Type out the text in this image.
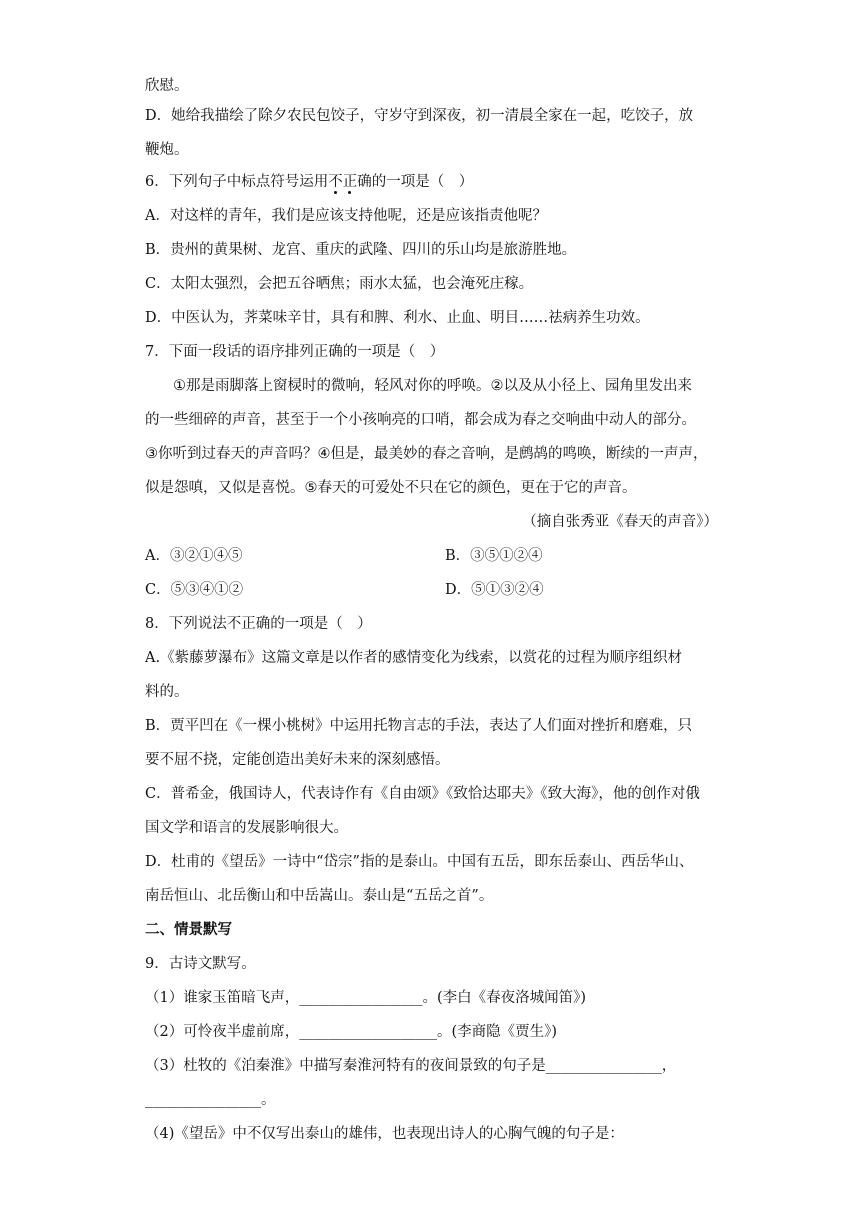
欣慰。
D．她给我描绘了除夕农民包饺子，守岁守到深夜，初一清晨全家在一起，吃饺子，放
鞭炮。
6．下列句子中标点符号运用不正确的一项是（　）
A．对这样的青年，我们是应该支持他呢，还是应该指责他呢？
B．贵州的黄果树、龙宫、重庆的武隆、四川的乐山均是旅游胜地。
C．太阳太强烈，会把五谷晒焦；雨水太猛，也会淹死庄稼。
D．中医认为，荠菜味辛甘，具有和脾、利水、止血、明目……祛病养生功效。
7．下面一段话的语序排列正确的一项是（　）
①那是雨脚落上窗棂时的微响，轻风对你的呼唤。②以及从小径上、园角里发出来
的一些细碎的声音，甚至于一个小孩响亮的口哨，都会成为春之交响曲中动人的部分。
③你听到过春天的声音吗？④但是，最美妙的春之音响，是鹧鸪的鸣唤，断续的一声声，
似是怨嗔，又似是喜悦。⑤春天的可爱处不只在它的颜色，更在于它的声音。
（摘自张秀亚《春天的声音》）
A．③②①④⑤	B．③⑤①②④
C．⑤③④①②	D．⑤①③②④
8．下列说法不正确的一项是（　）
A.《紫藤萝瀑布》这篇文章是以作者的感情变化为线索，以赏花的过程为顺序组织材
料的。
B．贾平凹在《一棵小桃树》中运用托物言志的手法，表达了人们面对挫折和磨难，只
要不屈不挠，定能创造出美好未来的深刻感悟。
C．普希金，俄国诗人，代表诗作有《自由颂》《致恰达耶夫》《致大海》，他的创作对俄
国文学和语言的发展影响很大。
D．杜甫的《望岳》一诗中“岱宗”指的是泰山。中国有五岳，即东岳泰山、西岳华山、
南岳恒山、北岳衡山和中岳嵩山。泰山是“五岳之首”。
二、情景默写
9．古诗文默写。
（1）谁家玉笛暗飞声，_________________。(李白《春夜洛城闻笛》)
（2）可怜夜半虚前席，___________________。(李商隐《贾生》)
（3）杜牧的《泊秦淮》中描写秦淮河特有的夜间景致的句子是________________，
________________。
（4)《望岳》中不仅写出泰山的雄伟，也表现出诗人的心胸气魄的句子是：
